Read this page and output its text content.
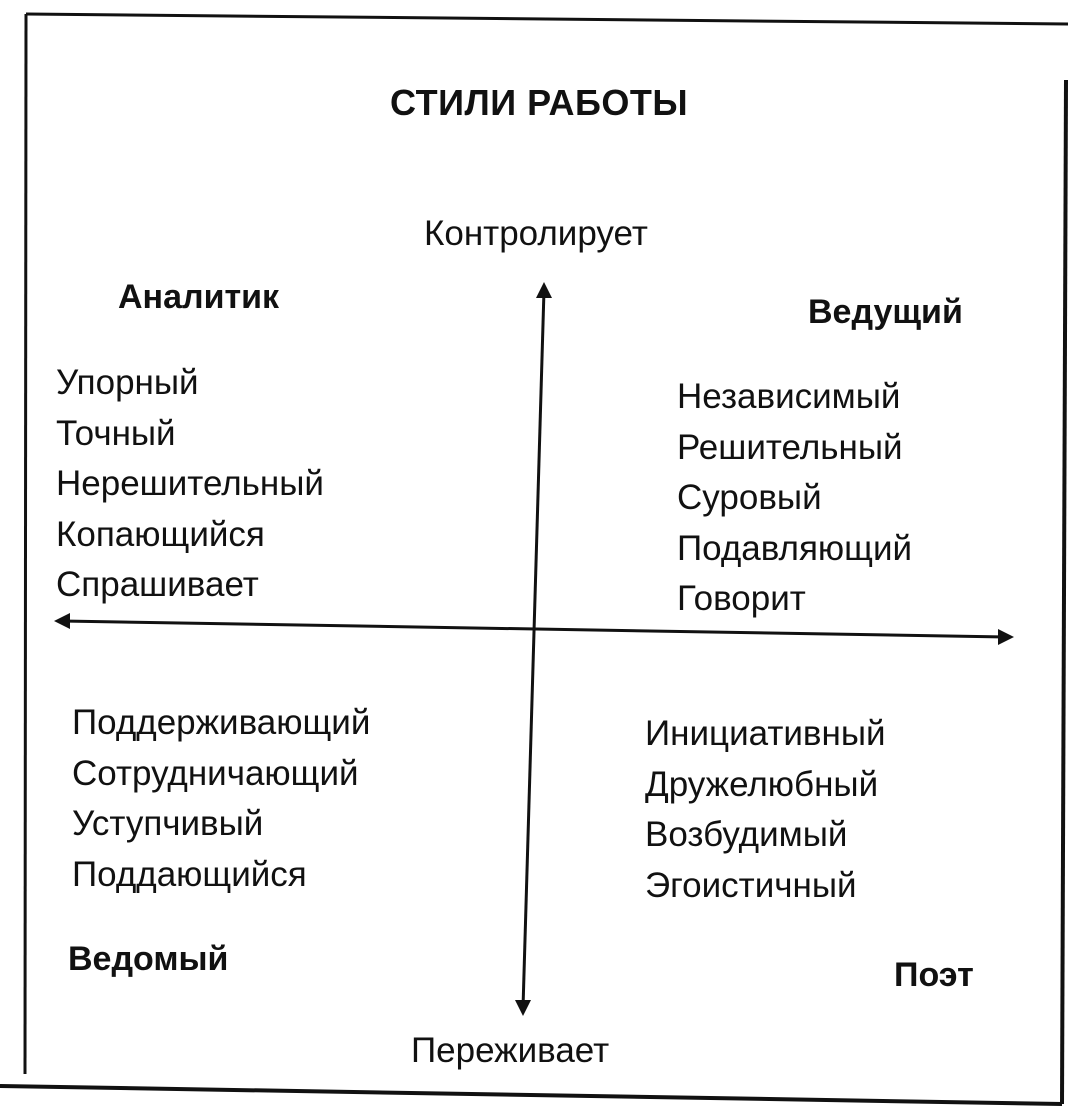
СТИЛИ РАБОТЫ
Контролирует
Переживает
Аналитик
Упорный
Точный
Нерешительный
Копающийся
Спрашивает
Ведущий
Независимый
Решительный
Суровый
Подавляющий
Говорит
Поддерживающий
Сотрудничающий
Уступчивый
Поддающийся
Ведомый
Инициативный
Дружелюбный
Возбудимый
Эгоистичный
Поэт
